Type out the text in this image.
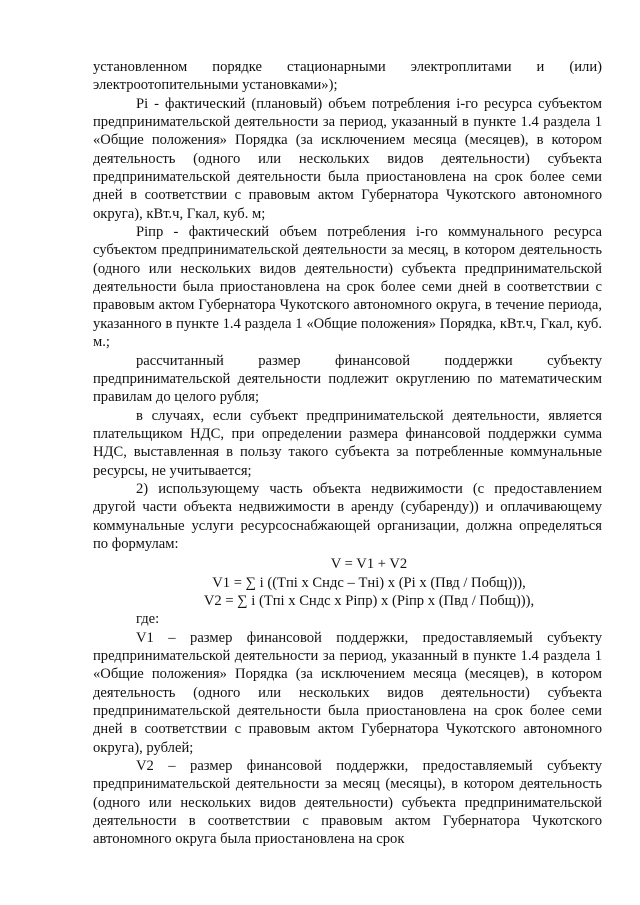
установленном порядке стационарными электроплитами и (или) электроотопительными установками»);

Pi - фактический (плановый) объем потребления i-го ресурса субъектом предпринимательской деятельности за период, указанный в пункте 1.4 раздела 1 «Общие положения» Порядка (за исключением месяца (месяцев), в котором деятельность (одного или нескольких видов деятельности) субъекта предпринимательской деятельности была приостановлена на срок более семи дней в соответствии с правовым актом Губернатора Чукотского автономного округа), кВт.ч, Гкал, куб. м;

Piпр - фактический объем потребления i-го коммунального ресурса субъектом предпринимательской деятельности за месяц, в котором деятельность (одного или нескольких видов деятельности) субъекта предпринимательской деятельности была приостановлена на срок более семи дней в соответствии с правовым актом Губернатора Чукотского автономного округа, в течение периода, указанного в пункте 1.4 раздела 1 «Общие положения» Порядка, кВт.ч, Гкал, куб. м.;

рассчитанный размер финансовой поддержки субъекту предпринимательской деятельности подлежит округлению по математическим правилам до целого рубля;

в случаях, если субъект предпринимательской деятельности, является плательщиком НДС, при определении размера финансовой поддержки сумма НДС, выставленная в пользу такого субъекта за потребленные коммунальные ресурсы, не учитывается;

2) использующему часть объекта недвижимости (с предоставлением другой части объекта недвижимости в аренду (субаренду)) и оплачивающему коммунальные услуги ресурсоснабжающей организации, должна определяться по формулам:

V = V1 + V2

V1 = ∑ i ((Tпi x Cндс – Tнi) x (Pi x (Пвд / Побщ))),

V2 = ∑ i (Tпi x Cндс x Piпр) x (Piпр x (Пвд / Побщ))),

где:

V1 – размер финансовой поддержки, предоставляемый субъекту предпринимательской деятельности за период, указанный в пункте 1.4 раздела 1 «Общие положения» Порядка (за исключением месяца (месяцев), в котором деятельность (одного или нескольких видов деятельности) субъекта предпринимательской деятельности была приостановлена на срок более семи дней в соответствии с правовым актом Губернатора Чукотского автономного округа), рублей;

V2 – размер финансовой поддержки, предоставляемый субъекту предпринимательской деятельности за месяц (месяцы), в котором деятельность (одного или нескольких видов деятельности) субъекта предпринимательской деятельности в соответствии с правовым актом Губернатора Чукотского автономного округа была приостановлена на срок
